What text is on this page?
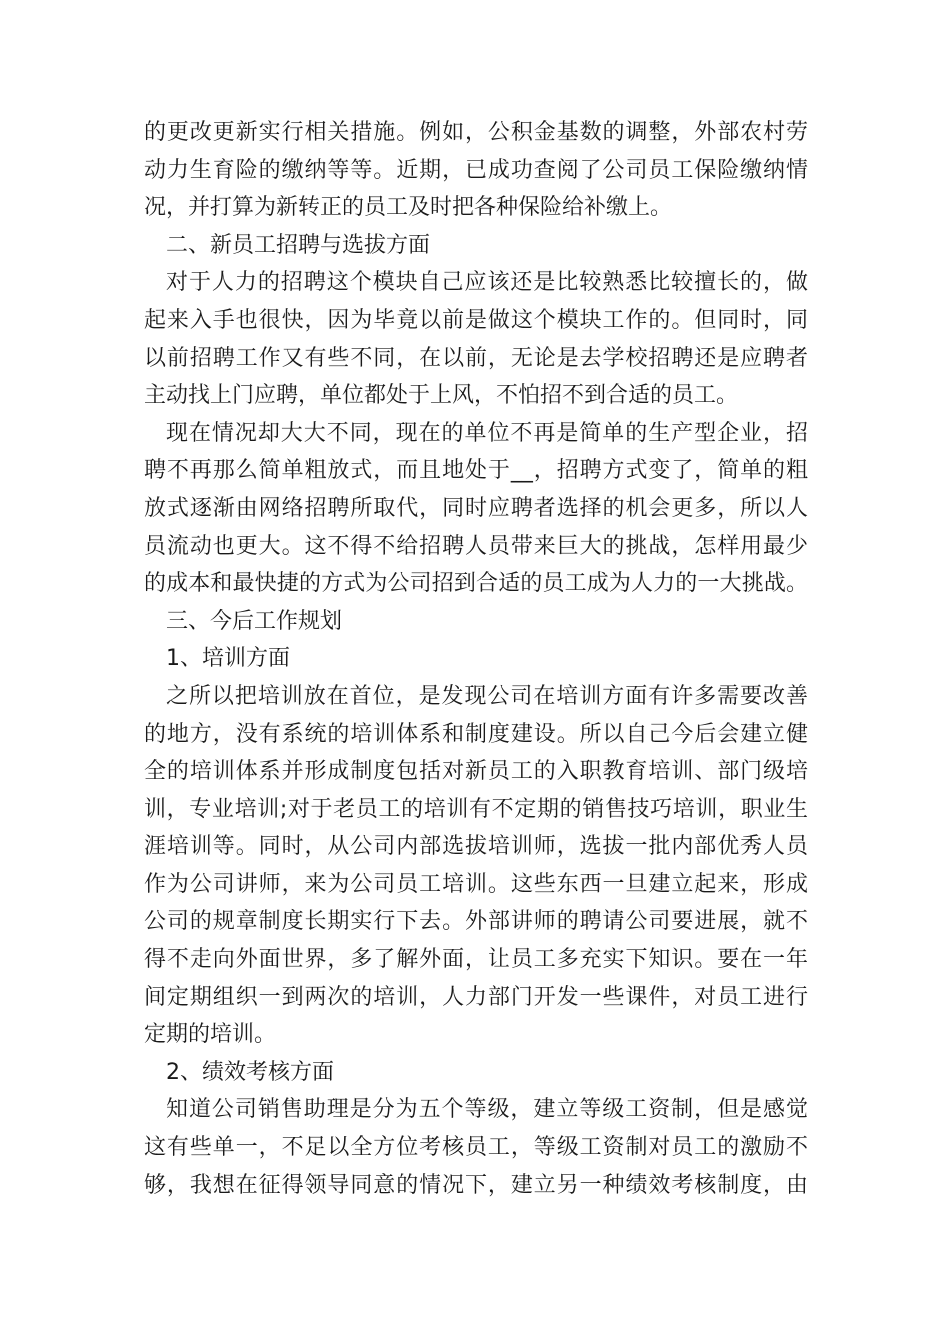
的更改更新实行相关措施。例如，公积金基数的调整，外部农村劳
动力生育险的缴纳等等。近期，已成功查阅了公司员工保险缴纳情
况，并打算为新转正的员工及时把各种保险给补缴上。
二、新员工招聘与选拔方面
对于人力的招聘这个模块自己应该还是比较熟悉比较擅长的，做
起来入手也很快，因为毕竟以前是做这个模块工作的。但同时，同
以前招聘工作又有些不同，在以前，无论是去学校招聘还是应聘者
主动找上门应聘，单位都处于上风，不怕招不到合适的员工。
现在情况却大大不同，现在的单位不再是简单的生产型企业，招
聘不再那么简单粗放式，而且地处于__，招聘方式变了，简单的粗
放式逐渐由网络招聘所取代，同时应聘者选择的机会更多，所以人
员流动也更大。这不得不给招聘人员带来巨大的挑战，怎样用最少
的成本和最快捷的方式为公司招到合适的员工成为人力的一大挑战。
三、今后工作规划
1、培训方面
之所以把培训放在首位，是发现公司在培训方面有许多需要改善
的地方，没有系统的培训体系和制度建设。所以自己今后会建立健
全的培训体系并形成制度包括对新员工的入职教育培训、部门级培
训，专业培训;对于老员工的培训有不定期的销售技巧培训，职业生
涯培训等。同时，从公司内部选拔培训师，选拔一批内部优秀人员
作为公司讲师，来为公司员工培训。这些东西一旦建立起来，形成
公司的规章制度长期实行下去。外部讲师的聘请公司要进展，就不
得不走向外面世界，多了解外面，让员工多充实下知识。要在一年
间定期组织一到两次的培训，人力部门开发一些课件，对员工进行
定期的培训。
2、绩效考核方面
知道公司销售助理是分为五个等级，建立等级工资制，但是感觉
这有些单一，不足以全方位考核员工，等级工资制对员工的激励不
够，我想在征得领导同意的情况下，建立另一种绩效考核制度，由
